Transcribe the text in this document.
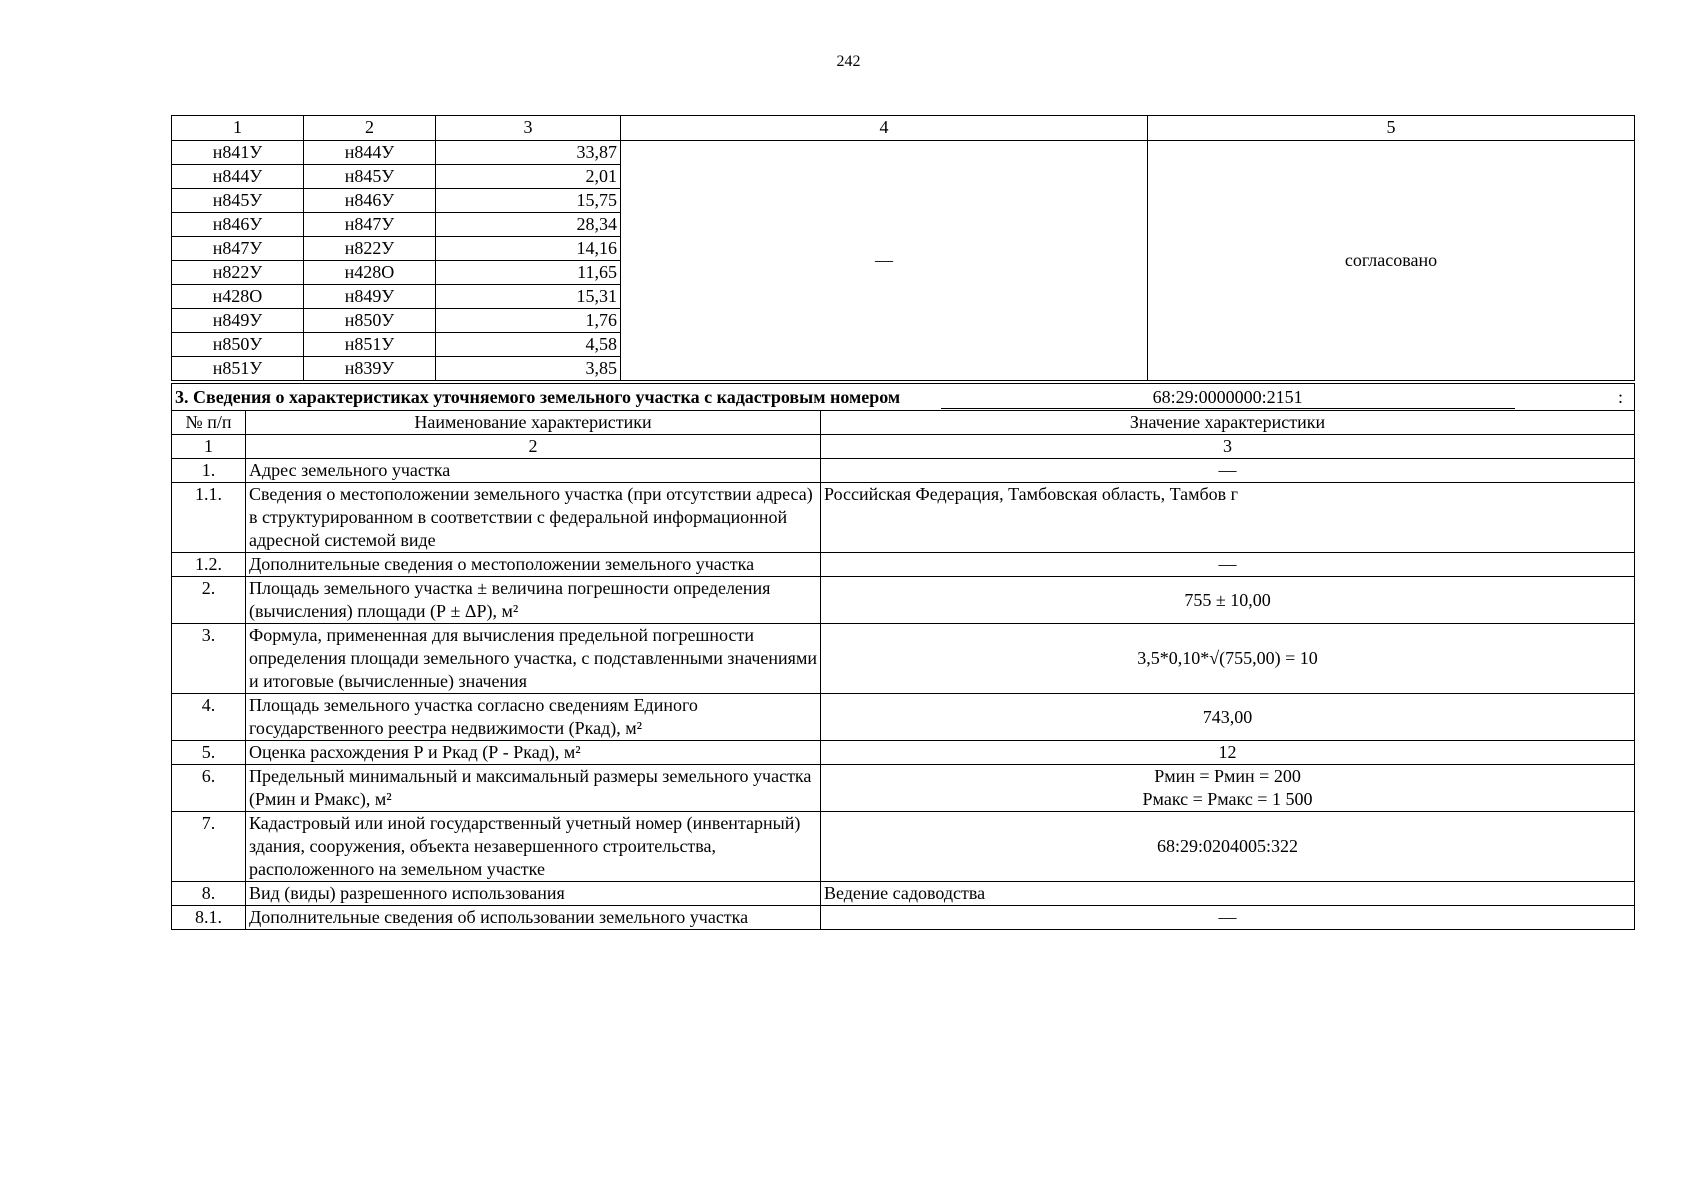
242
1	2	3	4	5
н841У	н844У	33,87	—	согласовано
н844У	н845У	2,01		
н845У	н846У	15,75		
н846У	н847У	28,34		
н847У	н822У	14,16		
н822У	н428О	11,65		
н428О	н849У	15,31		
н849У	н850У	1,76		
н850У	н851У	4,58		
н851У	н839У	3,85		
3. Сведения о характеристиках уточняемого земельного участка с кадастровым номером 68:29:0000000:2151 :		

№ п/п	Наименование характеристики	Значение характеристики
1	2	3
1.	Адрес земельного участка	—
1.1.	Сведения о местоположении земельного участка (при отсутствии адреса) в структурированном в соответствии с федеральной информационной адресной системой виде	Российская Федерация, Тамбовская область, Тамбов г
1.2.	Дополнительные сведения о местоположении земельного участка	—
2.	Площадь земельного участка ± величина погрешности определения (вычисления) площади (Р ± ΔР), м²	755 ± 10,00
3.	Формула, примененная для вычисления предельной погрешности определения площади земельного участка, с подставленными значениями и итоговые (вычисленные) значения	3,5*0,10*√(755,00) = 10
4.	Площадь земельного участка согласно сведениям Единого государственного реестра недвижимости (Ркад), м²	743,00
5.	Оценка расхождения Р и Ркад (Р - Ркад), м²	12
6.	Предельный минимальный и максимальный размеры земельного участка (Рмин и Рмакс), м²	Рмин = Рмин = 200
Рмакс = Рмакс = 1 500

7.	Кадастровый или иной государственный учетный номер (инвентарный) здания, сооружения, объекта незавершенного строительства, расположенного на земельном участке	68:29:0204005:322
8.	Вид (виды) разрешенного использования	Ведение садоводства
8.1.	Дополнительные сведения об использовании земельного участка	—
